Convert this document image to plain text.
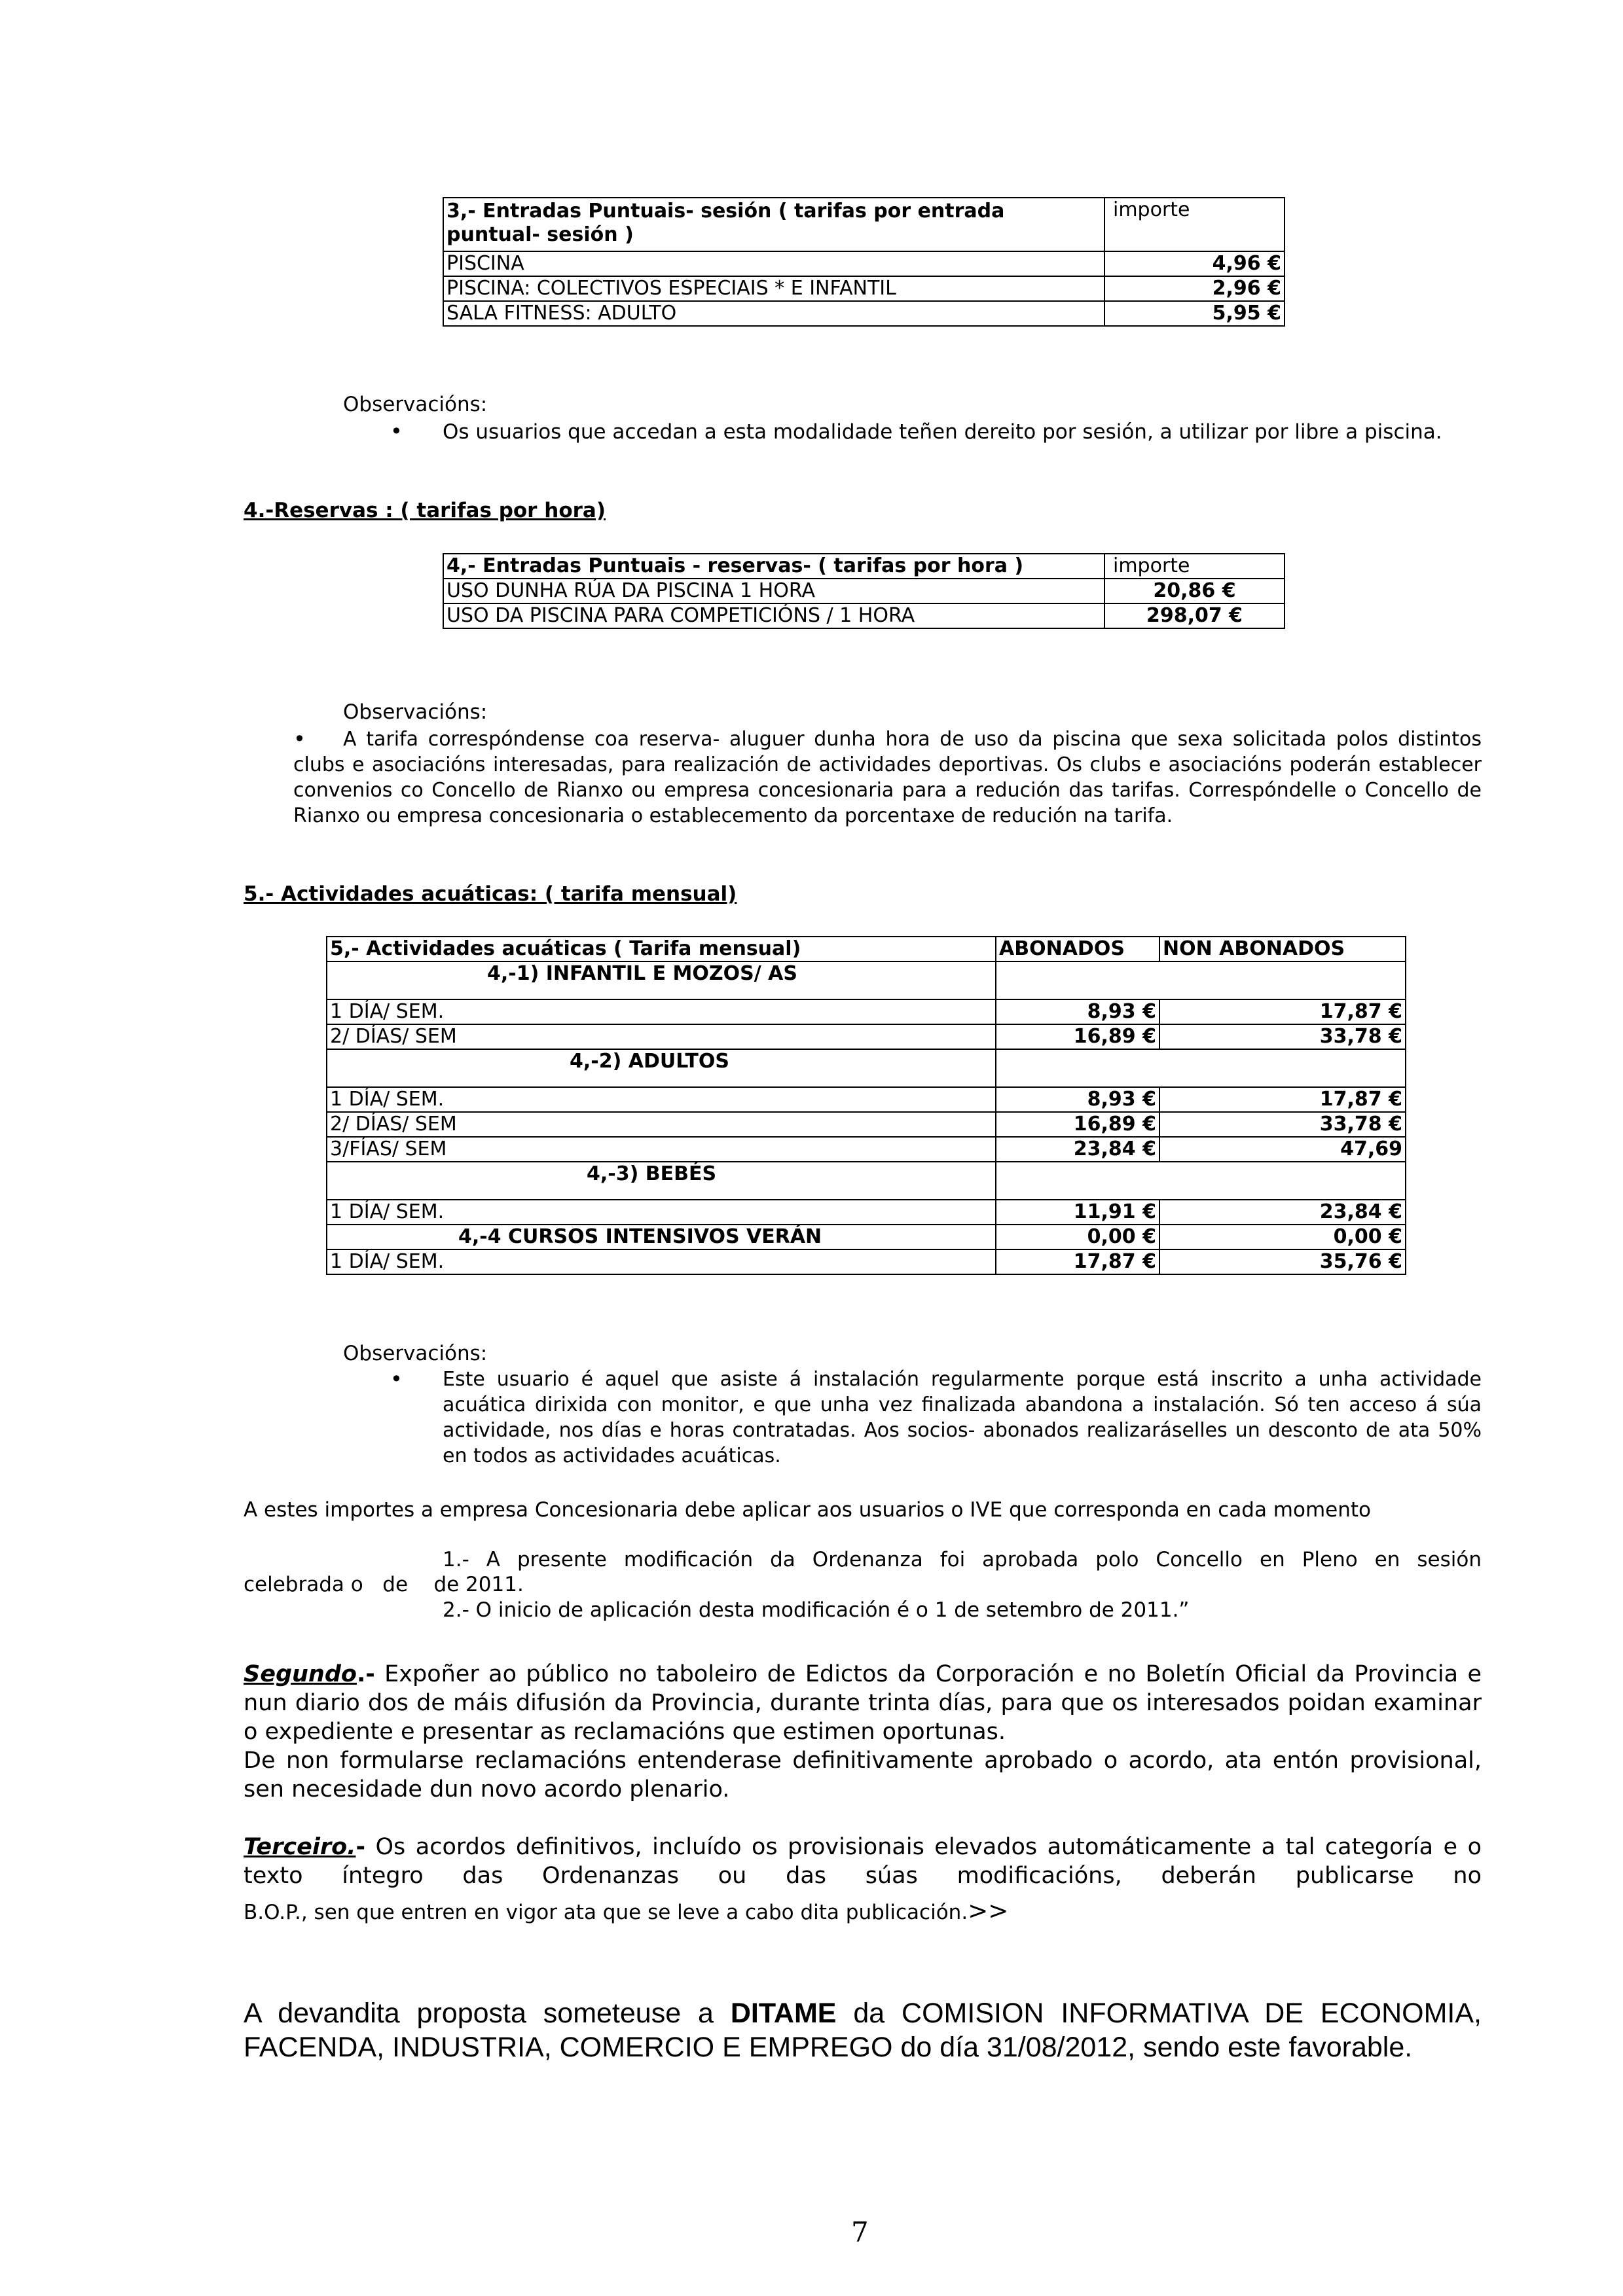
3,- Entradas Puntuais- sesión ( tarifas por entrada puntual- sesión )	importe
PISCINA	4,96 €
PISCINA: COLECTIVOS ESPECIAIS * E INFANTIL	2,96 €
SALA FITNESS: ADULTO	5,95 €
Observacións:
• Os usuarios que accedan a esta modalidade teñen dereito por sesión, a utilizar por libre a piscina.
4.-Reservas : ( tarifas por hora)
4,- Entradas Puntuais - reservas- ( tarifas por hora )	importe
USO DUNHA RÚA DA PISCINA 1 HORA	20,86 €
USO DA PISCINA PARA COMPETICIÓNS / 1 HORA	298,07 €
Observacións:
•	A tarifa correspóndense coa reserva- aluguer dunha hora de uso da piscina que sexa solicitada polos distintos clubs e asociacións interesadas, para realización de actividades deportivas. Os clubs e asociacións poderán establecer convenios co Concello de Rianxo ou empresa concesionaria para a redución das tarifas. Correspóndelle o Concello de Rianxo ou empresa concesionaria o establecemento da porcentaxe de redución na tarifa.
5.- Actividades acuáticas: ( tarifa mensual)
5,- Actividades acuáticas ( Tarifa mensual)	ABONADOS	NON ABONADOS
4,-1) INFANTIL E MOZOS/ AS		
1 DÍA/ SEM.	8,93 €	17,87 €
2/ DÍAS/ SEM	16,89 €	33,78 €
4,-2) ADULTOS		
1 DÍA/ SEM.	8,93 €	17,87 €
2/ DÍAS/ SEM	16,89 €	33,78 €
3/FÍAS/ SEM	23,84 €	47,69
4,-3) BEBÉS		
1 DÍA/ SEM.	11,91 €	23,84 €
4,-4 CURSOS INTENSIVOS VERÁN	0,00 €	0,00 €
1 DÍA/ SEM.	17,87 €	35,76 €
Observacións:
• Este usuario é aquel que asiste á instalación regularmente porque está inscrito a unha actividade acuática dirixida con monitor, e que unha vez finalizada abandona a instalación. Só ten acceso á súa actividade, nos días e horas contratadas. Aos socios- abonados realizaráselles un desconto de ata 50% en todos as actividades acuáticas.
A estes importes a empresa Concesionaria debe aplicar aos usuarios o IVE que corresponda en cada momento
1.- A presente modificación da Ordenanza foi aprobada polo Concello en Pleno en sesión
celebrada o   de    de 2011.
2.- O inicio de aplicación desta modificación é o 1 de setembro de 2011.”
Segundo.- Expoñer ao público no taboleiro de Edictos da Corporación e no Boletín Oficial da Provincia e nun diario dos de máis difusión da Provincia, durante trinta días, para que os interesados poidan examinar o expediente e presentar as reclamacións que estimen oportunas.
De non formularse reclamacións entenderase definitivamente aprobado o acordo, ata entón provisional, sen necesidade dun novo acordo plenario.
Terceiro.- Os acordos definitivos, incluído os provisionais elevados automáticamente a tal categoría e o texto íntegro das Ordenanzas ou das súas modificacións, deberán publicarse no
B.O.P., sen que entren en vigor ata que se leve a cabo dita publicación.>>
A devandita proposta someteuse a DITAME da COMISION INFORMATIVA DE ECONOMIA, FACENDA, INDUSTRIA, COMERCIO E EMPREGO do día 31/08/2012, sendo este favorable.
7
